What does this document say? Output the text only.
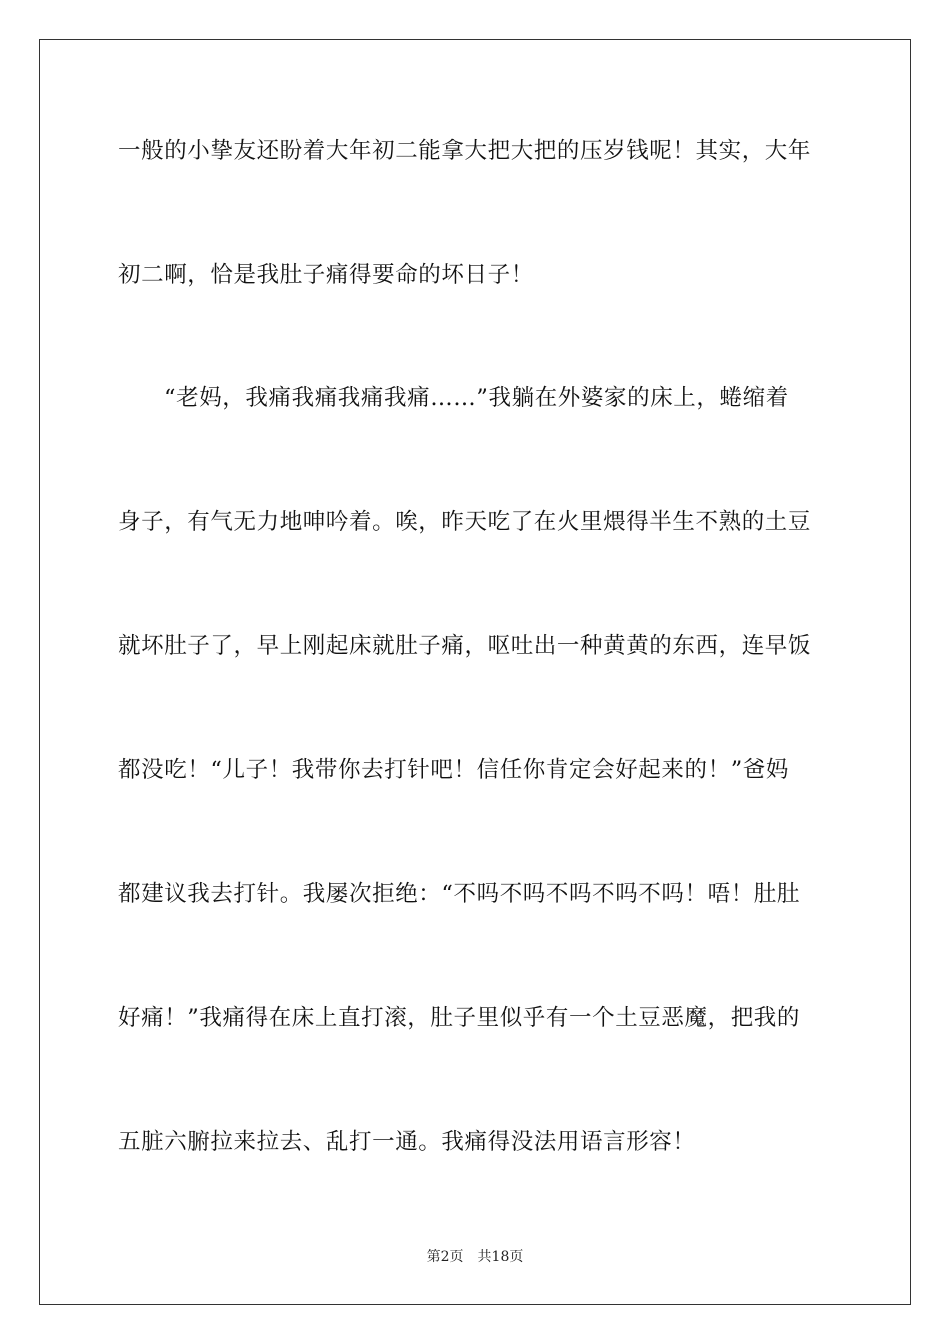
一般的小挚友还盼着大年初二能拿大把大把的压岁钱呢！其实，大年
初二啊，恰是我肚子痛得要命的坏日子！
“老妈，我痛我痛我痛我痛……”我躺在外婆家的床上，蜷缩着
身子，有气无力地呻吟着。唉，昨天吃了在火里煨得半生不熟的土豆
就坏肚子了，早上刚起床就肚子痛，呕吐出一种黄黄的东西，连早饭
都没吃！“儿子！我带你去打针吧！信任你肯定会好起来的！”爸妈
都建议我去打针。我屡次拒绝：“不吗不吗不吗不吗不吗！唔！肚肚
好痛！”我痛得在床上直打滚，肚子里似乎有一个土豆恶魔，把我的
五脏六腑拉来拉去、乱打一通。我痛得没法用语言形容！
第2页 共18页
